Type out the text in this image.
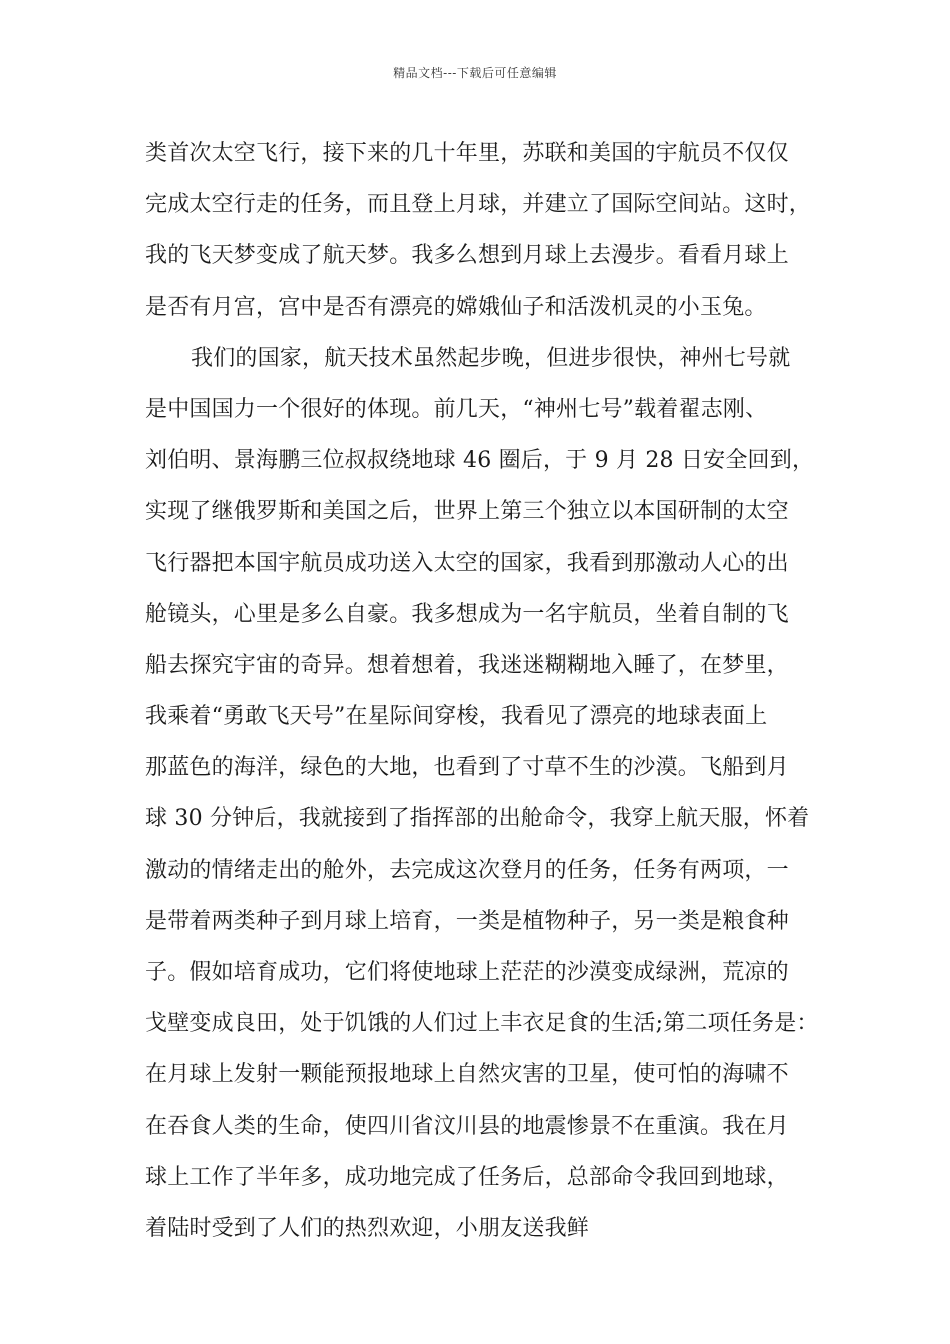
精品文档---下载后可任意编辑
类首次太空飞行，接下来的几十年里，苏联和美国的宇航员不仅仅
完成太空行走的任务，而且登上月球，并建立了国际空间站。这时，
我的飞天梦变成了航天梦。我多么想到月球上去漫步。看看月球上
是否有月宫，宫中是否有漂亮的嫦娥仙子和活泼机灵的小玉兔。
我们的国家，航天技术虽然起步晚，但进步很快，神州七号就
是中国国力一个很好的体现。前几天，“神州七号”载着翟志刚、
刘伯明、景海鹏三位叔叔绕地球 46 圈后，于 9 月 28 日安全回到，
实现了继俄罗斯和美国之后，世界上第三个独立以本国研制的太空
飞行器把本国宇航员成功送入太空的国家，我看到那激动人心的出
舱镜头，心里是多么自豪。我多想成为一名宇航员，坐着自制的飞
船去探究宇宙的奇异。想着想着，我迷迷糊糊地入睡了，在梦里，
我乘着“勇敢飞天号”在星际间穿梭，我看见了漂亮的地球表面上
那蓝色的海洋，绿色的大地，也看到了寸草不生的沙漠。飞船到月
球 30 分钟后，我就接到了指挥部的出舱命令，我穿上航天服，怀着
激动的情绪走出的舱外，去完成这次登月的任务，任务有两项，一
是带着两类种子到月球上培育，一类是植物种子，另一类是粮食种
子。假如培育成功，它们将使地球上茫茫的沙漠变成绿洲，荒凉的
戈壁变成良田，处于饥饿的人们过上丰衣足食的生活;第二项任务是：
在月球上发射一颗能预报地球上自然灾害的卫星，使可怕的海啸不
在吞食人类的生命，使四川省汶川县的地震惨景不在重演。我在月
球上工作了半年多，成功地完成了任务后，总部命令我回到地球，
着陆时受到了人们的热烈欢迎，小朋友送我鲜
